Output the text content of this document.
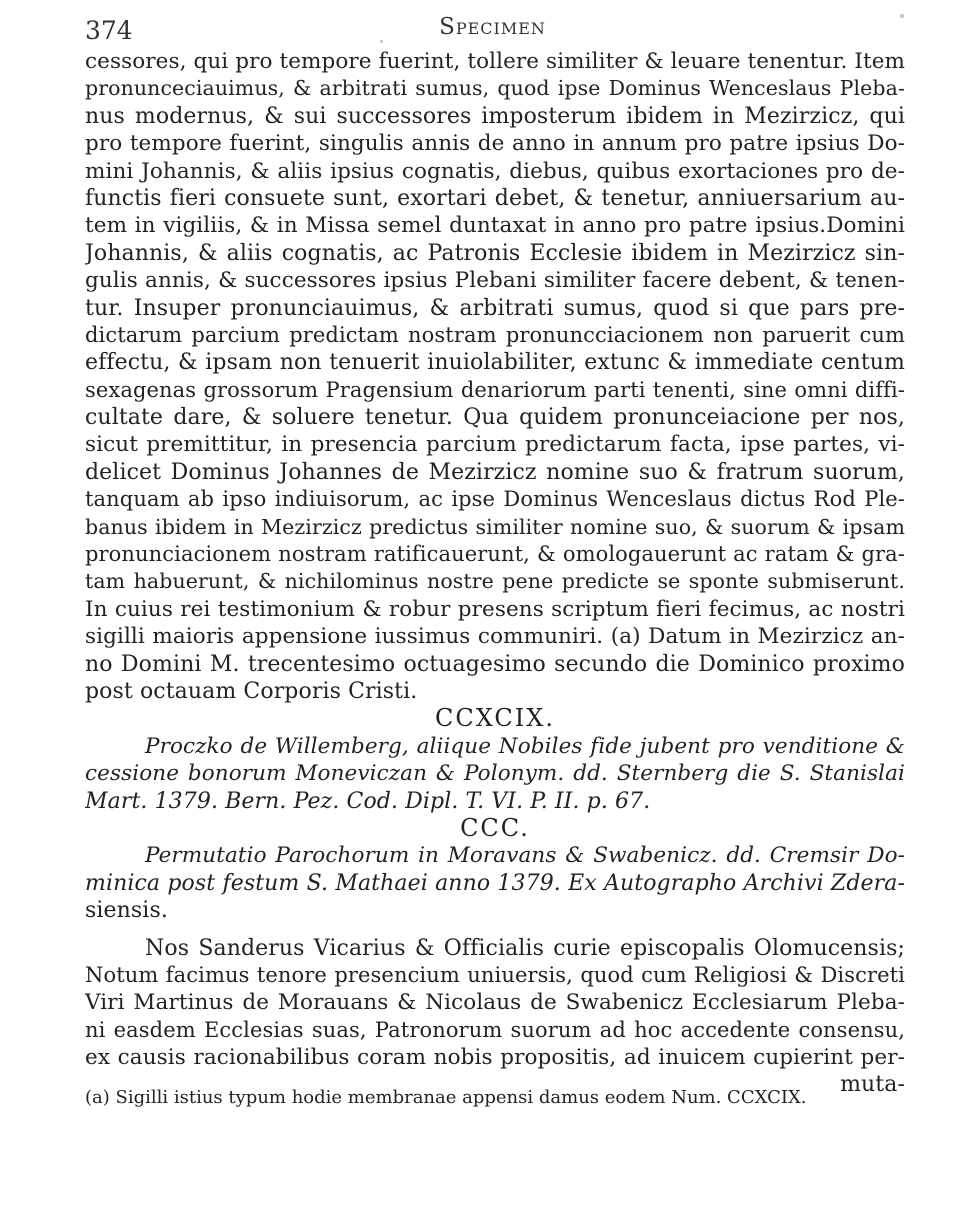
374	Specimen
cessores, qui pro tempore fuerint, tollere similiter & leuare tenentur. Item
pronunceciauimus, & arbitrati sumus, quod ipse Dominus Wenceslaus Pleba-
nus modernus, & sui successores imposterum ibidem in Mezirzicz, qui
pro tempore fuerint, singulis annis de anno in annum pro patre ipsius Do-
mini Johannis, & aliis ipsius cognatis, diebus, quibus exortaciones pro de-
functis fieri consuete sunt, exortari debet, & tenetur, anniuersarium au-
tem in vigiliis, & in Missa semel duntaxat in anno pro patre ipsius.Domini
Johannis, & aliis cognatis, ac Patronis Ecclesie ibidem in Mezirzicz sin-
gulis annis, & successores ipsius Plebani similiter facere debent, & tenen-
tur. Insuper pronunciauimus, & arbitrati sumus, quod si que pars pre-
dictarum parcium predictam nostram pronuncciacionem non paruerit cum
effectu, & ipsam non tenuerit inuiolabiliter, extunc & immediate centum
sexagenas grossorum Pragensium denariorum parti tenenti, sine omni diffi-
cultate dare, & soluere tenetur. Qua quidem pronunceiacione per nos,
sicut premittitur, in presencia parcium predictarum facta, ipse partes, vi-
delicet Dominus Johannes de Mezirzicz nomine suo & fratrum suorum,
tanquam ab ipso indiuisorum, ac ipse Dominus Wenceslaus dictus Rod Ple-
banus ibidem in Mezirzicz predictus similiter nomine suo, & suorum & ipsam
pronunciacionem nostram ratificauerunt, & omologauerunt ac ratam & gra-
tam habuerunt, & nichilominus nostre pene predicte se sponte submiserunt.
In cuius rei testimonium & robur presens scriptum fieri fecimus, ac nostri
sigilli maioris appensione iussimus communiri. (a) Datum in Mezirzicz an-
no Domini M. trecentesimo octuagesimo secundo die Dominico proximo
post octauam Corporis Cristi.
CCXCIX.
Proczko de Willemberg, aliique Nobiles fide jubent pro venditione &
cessione bonorum Moneviczan & Polonym. dd. Sternberg die S. Stanislai
Mart. 1379. Bern. Pez. Cod. Dipl. T. VI. P. II. p. 67.
CCC.
Permutatio Parochorum in Moravans & Swabenicz. dd. Cremsir Do-
minica post festum S. Mathaei anno 1379. Ex Autographo Archivi Zdera-
siensis.
Nos Sanderus Vicarius & Officialis curie episcopalis Olomucensis;
Notum facimus tenore presencium uniuersis, quod cum Religiosi & Discreti
Viri Martinus de Morauans & Nicolaus de Swabenicz Ecclesiarum Pleba-
ni easdem Ecclesias suas, Patronorum suorum ad hoc accedente consensu,
ex causis racionabilibus coram nobis propositis, ad inuicem cupierint per-
muta-
(a) Sigilli istius typum hodie membranae appensi damus eodem Num. CCXCIX.
